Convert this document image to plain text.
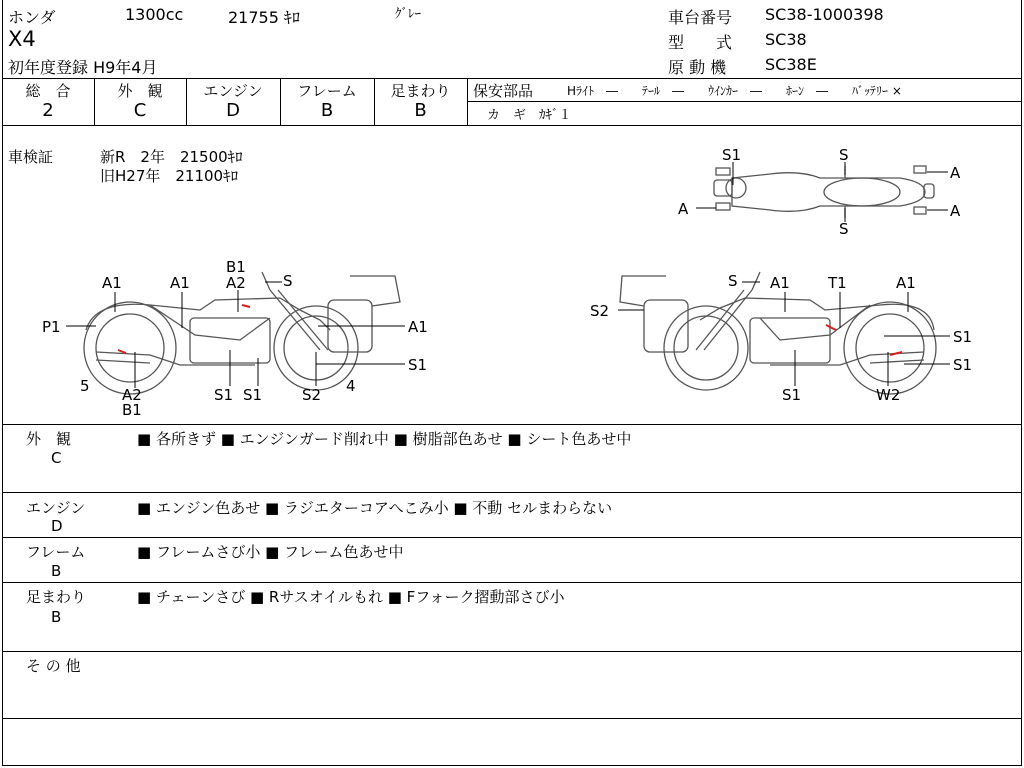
ホンダ	1300cc	21755 ｷﾛ	ｸﾞﾚｰ
X4
初年度登録 H9年4月
車台番号 SC38-1000398
型　　式 SC38
原 動 機 SC38E
総　合
2
外　観
C
エンジン
D
フレーム
B
足まわり
B
保安部品	Hﾗｲﾄ　―　　ﾃｰﾙ　―　　ｳｲﾝｶｰ　―　　ﾎｰﾝ　―　　ﾊﾞｯﾃﾘｰ ×
カ　ギ　ｶｷﾞ１
車検証	新R　2年　21500ｷﾛ
旧H27年　21100ｷﾛ
S1	S
A
A
A
S
B1
A1	A1 A2 S
P1	A1
5 A2
B1
S1 S1	S2 4
S1
S A1	T1	A1
S2
S1
S1
S1	W2
外　観
C
■ 各所きず ■ エンジンガード削れ中 ■ 樹脂部色あせ ■ シート色あせ中
エンジン
D
■ エンジン色あせ ■ ラジエターコアへこみ小 ■ 不動 セルまわらない
フレーム
B
■ フレームさび小 ■ フレーム色あせ中
足まわり
B
■ チェーンさび ■ Rサスオイルもれ ■ Fフォーク摺動部さび小
そ の 他
